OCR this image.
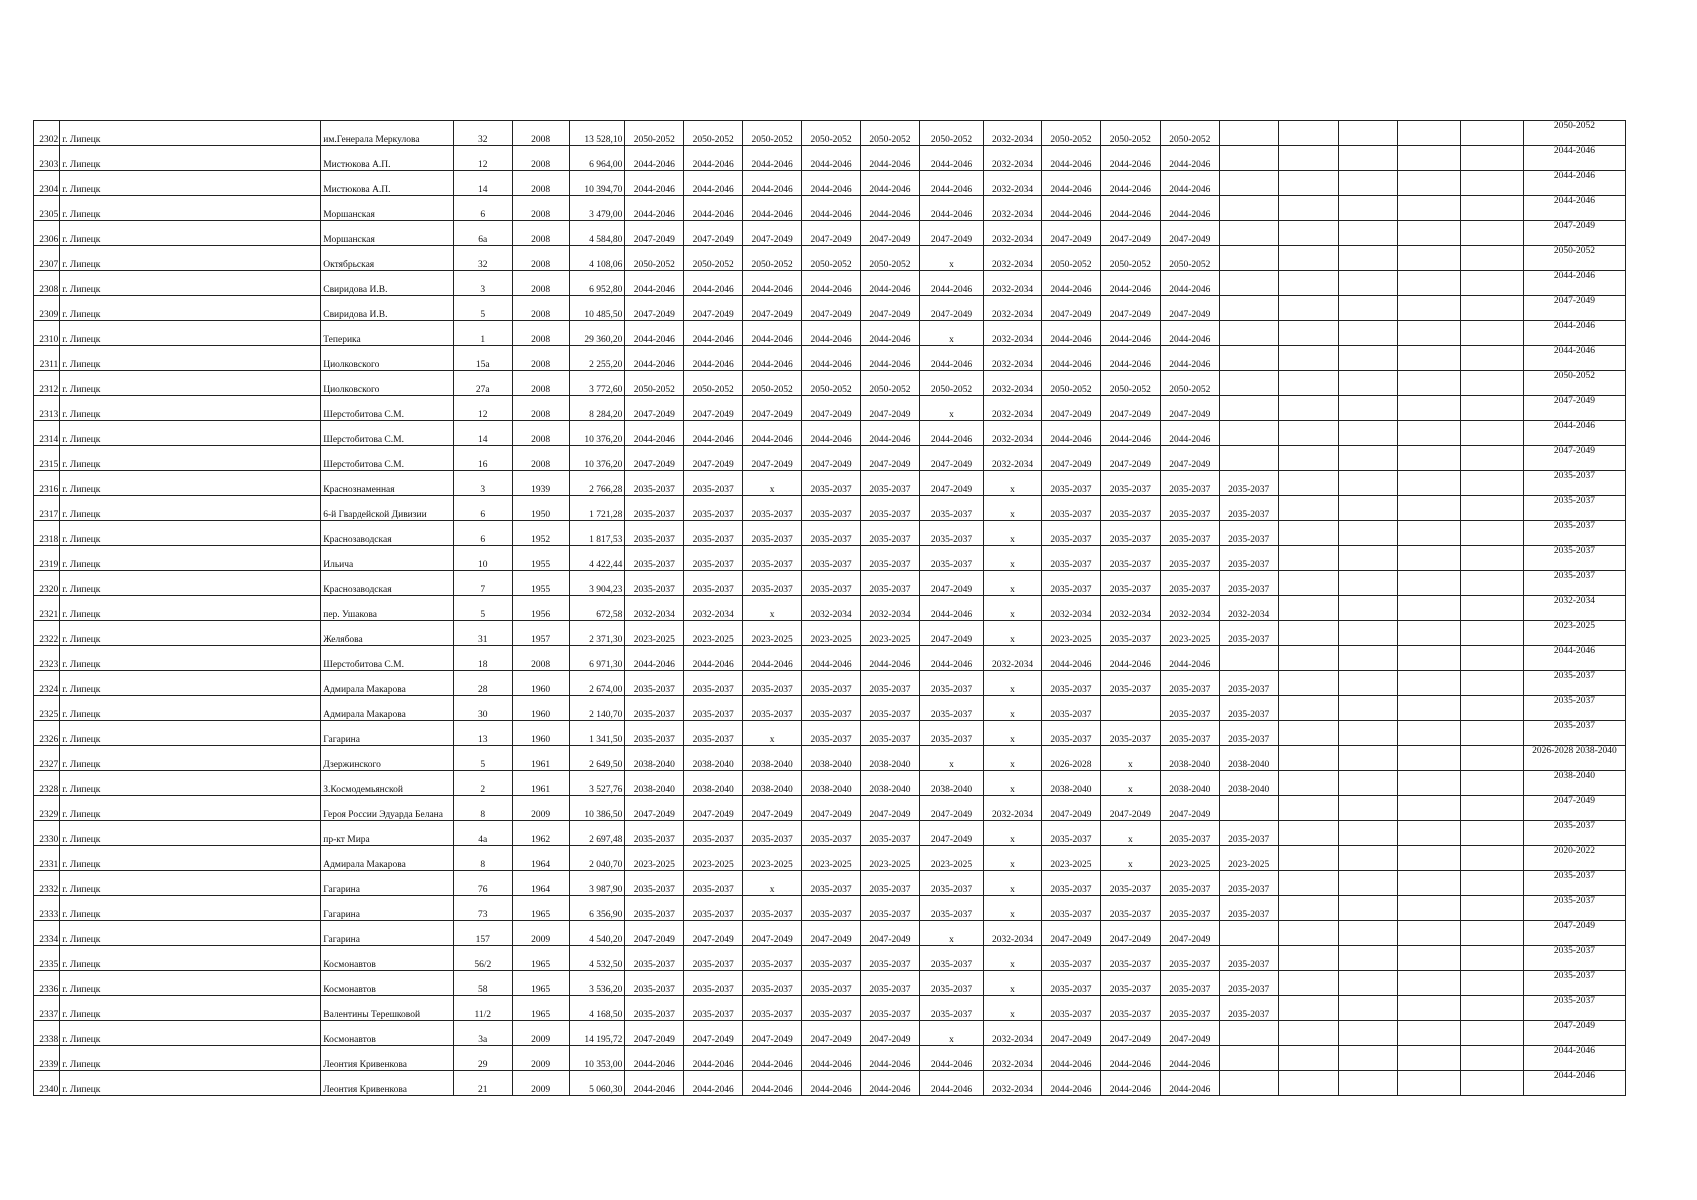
2302	г. Липецк	им.Генерала Меркулова	32	2008	13 528,10	2050-2052	2050-2052	2050-2052	2050-2052	2050-2052	2050-2052	2032-2034	2050-2052	2050-2052	2050-2052						2050-2052
2303	г. Липецк	Мистюкова А.П.	12	2008	6 964,00	2044-2046	2044-2046	2044-2046	2044-2046	2044-2046	2044-2046	2032-2034	2044-2046	2044-2046	2044-2046						2044-2046
2304	г. Липецк	Мистюкова А.П.	14	2008	10 394,70	2044-2046	2044-2046	2044-2046	2044-2046	2044-2046	2044-2046	2032-2034	2044-2046	2044-2046	2044-2046						2044-2046
2305	г. Липецк	Моршанская	6	2008	3 479,00	2044-2046	2044-2046	2044-2046	2044-2046	2044-2046	2044-2046	2032-2034	2044-2046	2044-2046	2044-2046						2044-2046
2306	г. Липецк	Моршанская	6а	2008	4 584,80	2047-2049	2047-2049	2047-2049	2047-2049	2047-2049	2047-2049	2032-2034	2047-2049	2047-2049	2047-2049						2047-2049
2307	г. Липецк	Октябрьская	32	2008	4 108,06	2050-2052	2050-2052	2050-2052	2050-2052	2050-2052	x	2032-2034	2050-2052	2050-2052	2050-2052						2050-2052
2308	г. Липецк	Свиридова И.В.	3	2008	6 952,80	2044-2046	2044-2046	2044-2046	2044-2046	2044-2046	2044-2046	2032-2034	2044-2046	2044-2046	2044-2046						2044-2046
2309	г. Липецк	Свиридова И.В.	5	2008	10 485,50	2047-2049	2047-2049	2047-2049	2047-2049	2047-2049	2047-2049	2032-2034	2047-2049	2047-2049	2047-2049						2047-2049
2310	г. Липецк	Теперика	1	2008	29 360,20	2044-2046	2044-2046	2044-2046	2044-2046	2044-2046	x	2032-2034	2044-2046	2044-2046	2044-2046						2044-2046
2311	г. Липецк	Циолковского	15а	2008	2 255,20	2044-2046	2044-2046	2044-2046	2044-2046	2044-2046	2044-2046	2032-2034	2044-2046	2044-2046	2044-2046						2044-2046
2312	г. Липецк	Циолковского	27а	2008	3 772,60	2050-2052	2050-2052	2050-2052	2050-2052	2050-2052	2050-2052	2032-2034	2050-2052	2050-2052	2050-2052						2050-2052
2313	г. Липецк	Шерстобитова С.М.	12	2008	8 284,20	2047-2049	2047-2049	2047-2049	2047-2049	2047-2049	x	2032-2034	2047-2049	2047-2049	2047-2049						2047-2049
2314	г. Липецк	Шерстобитова С.М.	14	2008	10 376,20	2044-2046	2044-2046	2044-2046	2044-2046	2044-2046	2044-2046	2032-2034	2044-2046	2044-2046	2044-2046						2044-2046
2315	г. Липецк	Шерстобитова С.М.	16	2008	10 376,20	2047-2049	2047-2049	2047-2049	2047-2049	2047-2049	2047-2049	2032-2034	2047-2049	2047-2049	2047-2049						2047-2049
2316	г. Липецк	Краснознаменная	3	1939	2 766,28	2035-2037	2035-2037	x	2035-2037	2035-2037	2047-2049	x	2035-2037	2035-2037	2035-2037	2035-2037					2035-2037
2317	г. Липецк	6-й Гвардейской Дивизии	6	1950	1 721,28	2035-2037	2035-2037	2035-2037	2035-2037	2035-2037	2035-2037	x	2035-2037	2035-2037	2035-2037	2035-2037					2035-2037
2318	г. Липецк	Краснозаводская	6	1952	1 817,53	2035-2037	2035-2037	2035-2037	2035-2037	2035-2037	2035-2037	x	2035-2037	2035-2037	2035-2037	2035-2037					2035-2037
2319	г. Липецк	Ильича	10	1955	4 422,44	2035-2037	2035-2037	2035-2037	2035-2037	2035-2037	2035-2037	x	2035-2037	2035-2037	2035-2037	2035-2037					2035-2037
2320	г. Липецк	Краснозаводская	7	1955	3 904,23	2035-2037	2035-2037	2035-2037	2035-2037	2035-2037	2047-2049	x	2035-2037	2035-2037	2035-2037	2035-2037					2035-2037
2321	г. Липецк	пер. Ушакова	5	1956	672,58	2032-2034	2032-2034	x	2032-2034	2032-2034	2044-2046	x	2032-2034	2032-2034	2032-2034	2032-2034					2032-2034
2322	г. Липецк	Желябова	31	1957	2 371,30	2023-2025	2023-2025	2023-2025	2023-2025	2023-2025	2047-2049	x	2023-2025	2035-2037	2023-2025	2035-2037					2023-2025
2323	г. Липецк	Шерстобитова С.М.	18	2008	6 971,30	2044-2046	2044-2046	2044-2046	2044-2046	2044-2046	2044-2046	2032-2034	2044-2046	2044-2046	2044-2046						2044-2046
2324	г. Липецк	Адмирала Макарова	28	1960	2 674,00	2035-2037	2035-2037	2035-2037	2035-2037	2035-2037	2035-2037	x	2035-2037	2035-2037	2035-2037	2035-2037					2035-2037
2325	г. Липецк	Адмирала Макарова	30	1960	2 140,70	2035-2037	2035-2037	2035-2037	2035-2037	2035-2037	2035-2037	x	2035-2037		2035-2037	2035-2037					2035-2037
2326	г. Липецк	Гагарина	13	1960	1 341,50	2035-2037	2035-2037	x	2035-2037	2035-2037	2035-2037	x	2035-2037	2035-2037	2035-2037	2035-2037					2035-2037
2327	г. Липецк	Дзержинского	5	1961	2 649,50	2038-2040	2038-2040	2038-2040	2038-2040	2038-2040	x	x	2026-2028	x	2038-2040	2038-2040					2026-2028 2038-2040
2328	г. Липецк	З.Космодемьянской	2	1961	3 527,76	2038-2040	2038-2040	2038-2040	2038-2040	2038-2040	2038-2040	x	2038-2040	x	2038-2040	2038-2040					2038-2040
2329	г. Липецк	Героя России Эдуарда Белана	8	2009	10 386,50	2047-2049	2047-2049	2047-2049	2047-2049	2047-2049	2047-2049	2032-2034	2047-2049	2047-2049	2047-2049						2047-2049
2330	г. Липецк	пр-кт Мира	4а	1962	2 697,48	2035-2037	2035-2037	2035-2037	2035-2037	2035-2037	2047-2049	x	2035-2037	x	2035-2037	2035-2037					2035-2037
2331	г. Липецк	Адмирала Макарова	8	1964	2 040,70	2023-2025	2023-2025	2023-2025	2023-2025	2023-2025	2023-2025	x	2023-2025	x	2023-2025	2023-2025					2020-2022
2332	г. Липецк	Гагарина	76	1964	3 987,90	2035-2037	2035-2037	x	2035-2037	2035-2037	2035-2037	x	2035-2037	2035-2037	2035-2037	2035-2037					2035-2037
2333	г. Липецк	Гагарина	73	1965	6 356,90	2035-2037	2035-2037	2035-2037	2035-2037	2035-2037	2035-2037	x	2035-2037	2035-2037	2035-2037	2035-2037					2035-2037
2334	г. Липецк	Гагарина	157	2009	4 540,20	2047-2049	2047-2049	2047-2049	2047-2049	2047-2049	x	2032-2034	2047-2049	2047-2049	2047-2049						2047-2049
2335	г. Липецк	Космонавтов	56/2	1965	4 532,50	2035-2037	2035-2037	2035-2037	2035-2037	2035-2037	2035-2037	x	2035-2037	2035-2037	2035-2037	2035-2037					2035-2037
2336	г. Липецк	Космонавтов	58	1965	3 536,20	2035-2037	2035-2037	2035-2037	2035-2037	2035-2037	2035-2037	x	2035-2037	2035-2037	2035-2037	2035-2037					2035-2037
2337	г. Липецк	Валентины Терешковой	11/2	1965	4 168,50	2035-2037	2035-2037	2035-2037	2035-2037	2035-2037	2035-2037	x	2035-2037	2035-2037	2035-2037	2035-2037					2035-2037
2338	г. Липецк	Космонавтов	3а	2009	14 195,72	2047-2049	2047-2049	2047-2049	2047-2049	2047-2049	x	2032-2034	2047-2049	2047-2049	2047-2049						2047-2049
2339	г. Липецк	Леонтия Кривенкова	29	2009	10 353,00	2044-2046	2044-2046	2044-2046	2044-2046	2044-2046	2044-2046	2032-2034	2044-2046	2044-2046	2044-2046						2044-2046
2340	г. Липецк	Леонтия Кривенкова	21	2009	5 060,30	2044-2046	2044-2046	2044-2046	2044-2046	2044-2046	2044-2046	2032-2034	2044-2046	2044-2046	2044-2046						2044-2046
